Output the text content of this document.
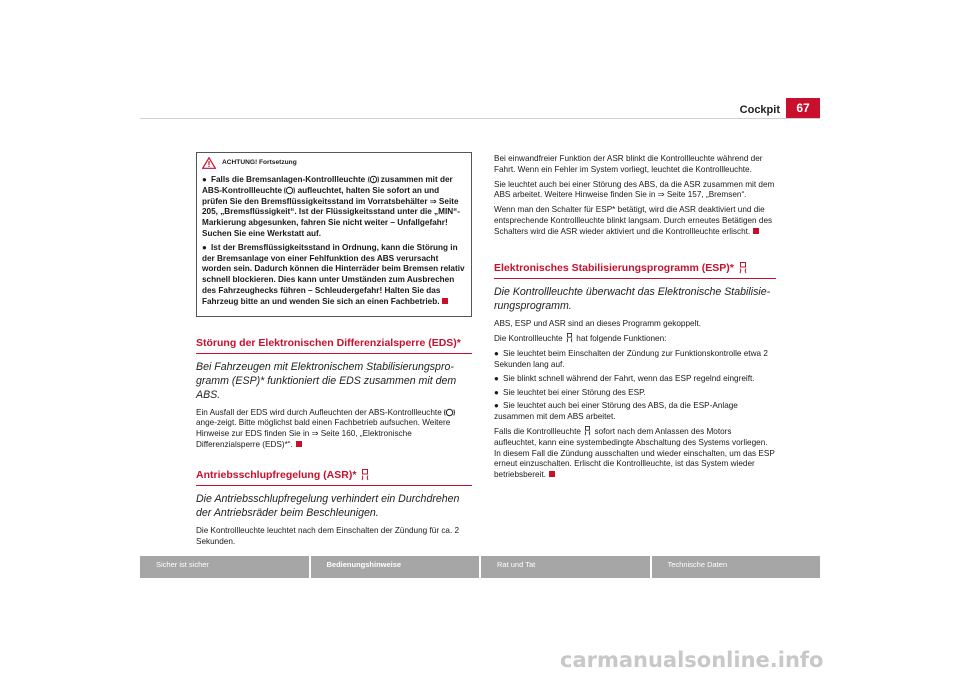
Cockpit	67
ACHTUNG! Fortsetzung

● Falls die Bremsanlagen-Kontrollleuchte ! zusammen mit der ABS-Kontrollleuchte aufleuchtet, halten Sie sofort an und prüfen Sie den Bremsflüssigkeitsstand im Vorratsbehälter ⇒ Seite 205, „Bremsflüssigkeit“. Ist der Flüssigkeitsstand unter die „MIN“-Markierung abgesunken, fahren Sie nicht weiter – Unfallgefahr! Suchen Sie eine Werkstatt auf.

● Ist der Bremsflüssigkeitsstand in Ordnung, kann die Störung in der Bremsanlage von einer Fehlfunktion des ABS verursacht worden sein. Dadurch können die Hinterräder beim Bremsen relativ schnell blockieren. Dies kann unter Umständen zum Ausbrechen des Fahrzeughecks führen – Schleudergefahr! Halten Sie das Fahrzeug bitte an und wenden Sie sich an einen Fachbetrieb.

Störung der Elektronischen Differenzialsperre (EDS)*

Bei Fahrzeugen mit Elektronischem Stabilisierungspro-gramm (ESP)* funktioniert die EDS zusammen mit dem ABS.

Ein Ausfall der EDS wird durch Aufleuchten der ABS-Kontrollleuchte  ange-zeigt. Bitte möglichst bald einen Fachbetrieb aufsuchen. Weitere Hinweise zur EDS finden Sie in ⇒ Seite 160, „Elektronische Differenzialsperre (EDS)*“.

Antriebsschlupfregelung (ASR)*

Die Antriebsschlupfregelung verhindert ein Durchdrehen der Antriebsräder beim Beschleunigen.

Die Kontrollleuchte leuchtet nach dem Einschalten der Zündung für ca. 2 Sekunden.

Bei einwandfreier Funktion der ASR blinkt die Kontrollleuchte während der Fahrt. Wenn ein Fehler im System vorliegt, leuchtet die Kontrollleuchte.

Sie leuchtet auch bei einer Störung des ABS, da die ASR zusammen mit dem ABS arbeitet. Weitere Hinweise finden Sie in ⇒ Seite 157, „Bremsen“.

Wenn man den Schalter für ESP* betätigt, wird die ASR deaktiviert und die entsprechende Kontrollleuchte blinkt langsam. Durch erneutes Betätigen des Schalters wird die ASR wieder aktiviert und die Kontrollleuchte erlischt.

Elektronisches Stabilisierungsprogramm (ESP)*

Die Kontrollleuchte überwacht das Elektronische Stabilisie-rungsprogramm.

ABS, ESP und ASR sind an dieses Programm gekoppelt.

Die Kontrollleuchte hat folgende Funktionen:

● Sie leuchtet beim Einschalten der Zündung zur Funktionskontrolle etwa 2 Sekunden lang auf.

● Sie blinkt schnell während der Fahrt, wenn das ESP regelnd eingreift.

● Sie leuchtet bei einer Störung des ESP.

● Sie leuchtet auch bei einer Störung des ABS, da die ESP-Anlage zusammen mit dem ABS arbeitet.

Falls die Kontrollleuchte sofort nach dem Anlassen des Motors aufleuchtet, kann eine systembedingte Abschaltung des Systems vorliegen. In diesem Fall die Zündung ausschalten und wieder einschalten, um das ESP erneut einzuschalten. Erlischt die Kontrollleuchte, ist das System wieder betriebsbereit.

Sicher ist sicher	Bedienungshinweise	Rat und Tat	Technische Daten
carmanualsonline.info
